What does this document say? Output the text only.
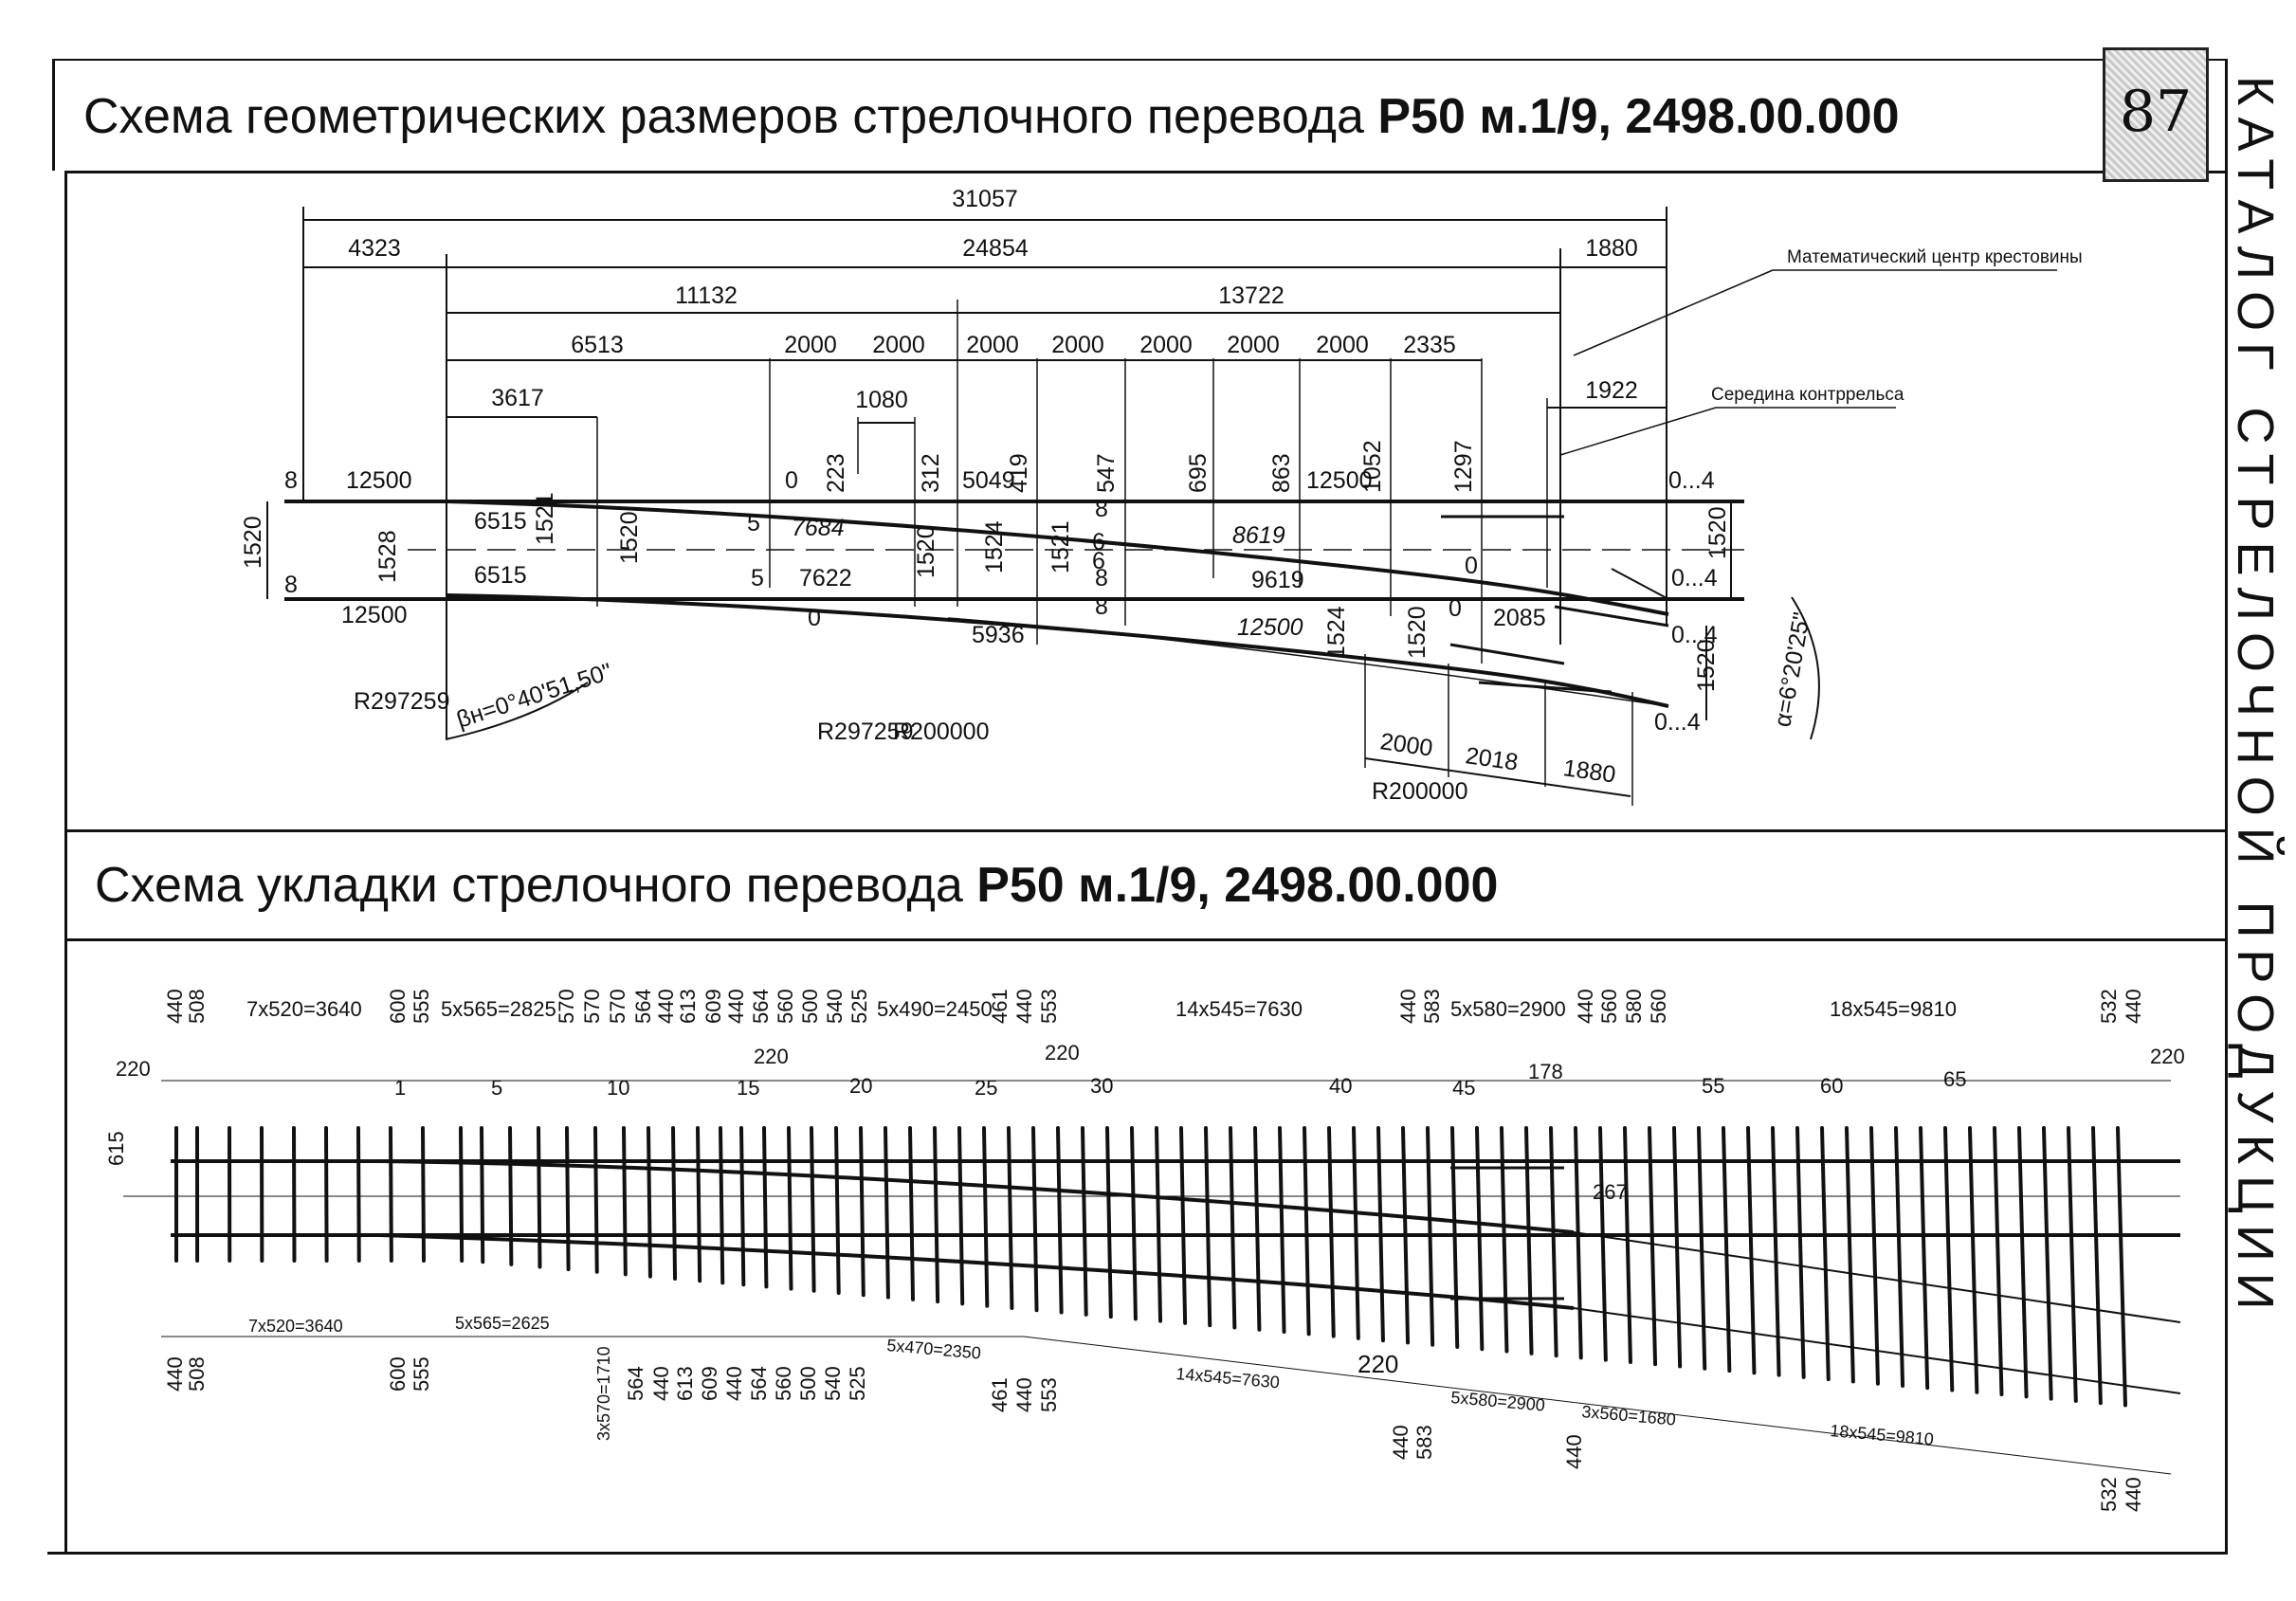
Схема геометрических размеров стрелочного перевода Р50 м.1/9, 2498.00.000	87 КАТАЛОГ СТРЕЛОЧНОЙ ПРОДУКЦИИ
Схема укладки стрелочного перевода Р50 м.1/9, 2498.00.000
31057
4323	24854	1880
11132	13722
6513	2000 2000 2000 2000 2000 2000 2000 2335
3617	1080	1922
223	312 5049
419	547	695 863 12500
1052	1297
Математический центр крестовины
Середина контррельса
1520	1520
1520
1528
1521 1520	1520 1524 1521
1524 1520
12500
12500	12500
8
8
0
0
0
0
5
5
8
6
8
8
6
6515
6515
7684
7622
8619
9619
5936
2085
0...4
0...4
0...4
0...4
R297259
R297259
R200000
R200000
βн=0°40'51,50"	α=6°20'25"
2000 2018 1880
440
508 7x520=3640 600 555 5x565=2825
570 570 570 564 440
613 609 440 564 560 500 540 525 5x490=2450
461 440 553	14x545=7630	440 583 5x580=2900 440 560 580 560	18x545=9810	532 440
220
220	220	220
615
178
267
1	5	10	15	20	25	30	40	45	55	60	65
440
508
7x520=3640
600 555
5x565=2625
3x570=1710 564 440 613 609 440 564 560 500 540 525
5x470=2350
461 440 553	14x545=7630	220
440 583
5x580=2900
3x560=1680
440	18x545=9810
532 440
